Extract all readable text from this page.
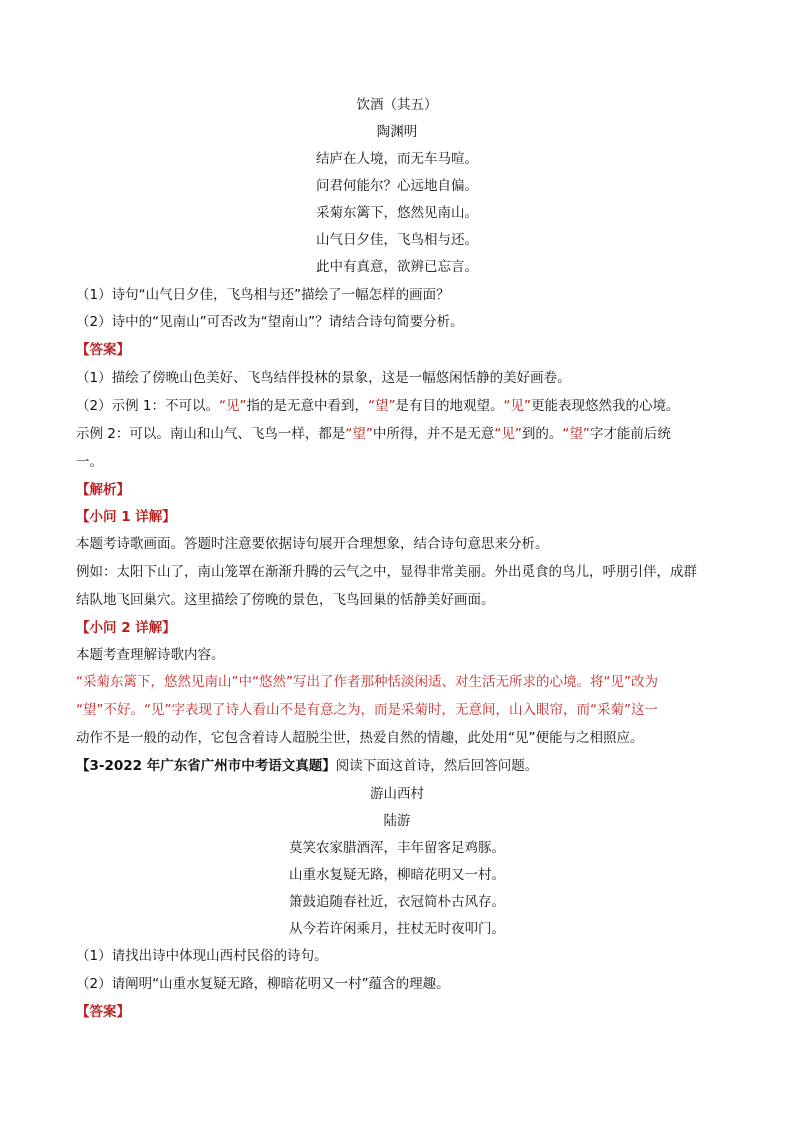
饮酒（其五）
陶渊明
结庐在人境，而无车马喧。
问君何能尔？心远地自偏。
采菊东篱下，悠然见南山。
山气日夕佳，飞鸟相与还。
此中有真意，欲辨已忘言。
（1）诗句“山气日夕佳，飞鸟相与还”描绘了一幅怎样的画面？
（2）诗中的“见南山”可否改为“望南山”？请结合诗句简要分析。
【答案】
（1）描绘了傍晚山色美好、飞鸟结伴投林的景象，这是一幅悠闲恬静的美好画卷。
（2）示例 1：不可以。“见”指的是无意中看到，“望”是有目的地观望。“见”更能表现悠然我的心境。
示例 2：可以。南山和山气、飞鸟一样，都是“望”中所得，并不是无意“见”到的。“望”字才能前后统
一。
【解析】
【小问 1 详解】
本题考诗歌画面。答题时注意要依据诗句展开合理想象，结合诗句意思来分析。
例如：太阳下山了，南山笼罩在渐渐升腾的云气之中，显得非常美丽。外出觅食的鸟儿，呼朋引伴，成群
结队地飞回巢穴。这里描绘了傍晚的景色，飞鸟回巢的恬静美好画面。
【小问 2 详解】
本题考查理解诗歌内容。
“采菊东篱下，悠然见南山”中“悠然”写出了作者那种恬淡闲适、对生活无所求的心境。将“见”改为
“望”不好。“见”字表现了诗人看山不是有意之为，而是采菊时，无意间，山入眼帘，而“采菊”这一
动作不是一般的动作，它包含着诗人超脱尘世，热爱自然的情趣，此处用“见”便能与之相照应。
【3-2022 年广东省广州市中考语文真题】阅读下面这首诗，然后回答问题。
游山西村
陆游
莫笑农家腊酒浑，丰年留客足鸡豚。
山重水复疑无路，柳暗花明又一村。
箫鼓追随春社近，衣冠简朴古风存。
从今若许闲乘月，拄杖无时夜叩门。
（1）请找出诗中体现山西村民俗的诗句。
（2）请阐明“山重水复疑无路，柳暗花明又一村”蕴含的理趣。
【答案】
